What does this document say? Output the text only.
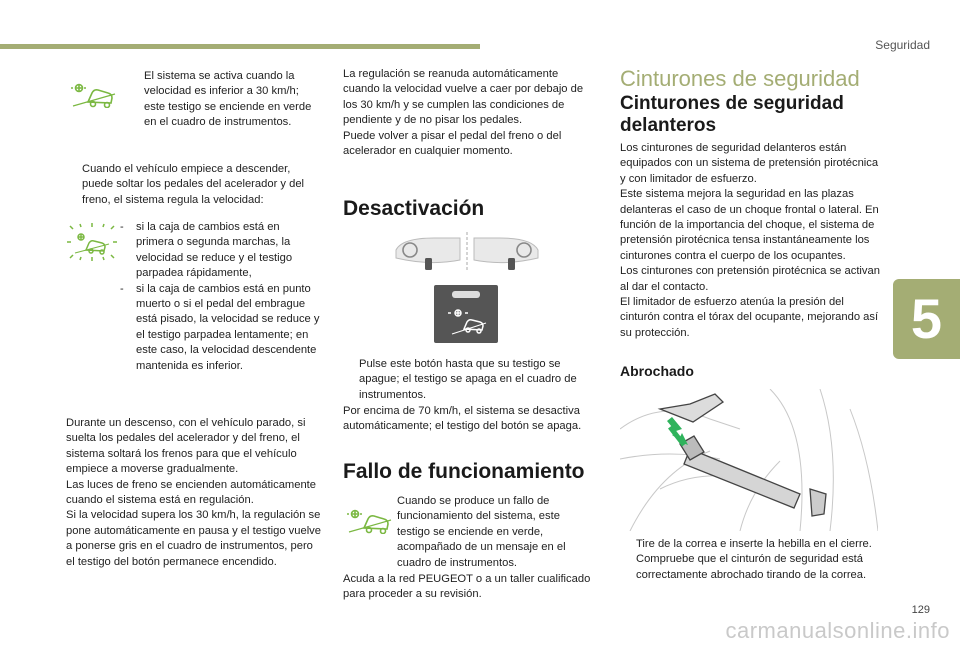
Seguridad
5

El sistema se activa cuando la velocidad es inferior a 30 km/h; este testigo se enciende en verde en el cuadro de instrumentos.

Cuando el vehículo empiece a descender, puede soltar los pedales del acelerador y del freno, el sistema regula la velocidad:

-	si la caja de cambios está en primera o segunda marchas, la velocidad se reduce y el testigo parpadea rápidamente,

-	si la caja de cambios está en punto muerto o si el pedal del embrague está pisado, la velocidad se reduce y el testigo parpadea lentamente; en este caso, la velocidad descendente mantenida es inferior.

Durante un descenso, con el vehículo parado, si suelta los pedales del acelerador y del freno, el sistema soltará los frenos para que el vehículo empiece a moverse gradualmente.
Las luces de freno se encienden automáticamente cuando el sistema está en regulación.
Si la velocidad supera los 30 km/h, la regulación se pone automáticamente en pausa y el testigo vuelve a ponerse gris en el cuadro de instrumentos, pero el testigo del botón permanece encendido.

La regulación se reanuda automáticamente cuando la velocidad vuelve a caer por debajo de los 30 km/h y se cumplen las condiciones de pendiente y de no pisar los pedales.
Puede volver a pisar el pedal del freno o del acelerador en cualquier momento.

Desactivación

Pulse este botón hasta que su testigo se apague; el testigo se apaga en el cuadro de instrumentos.

Por encima de 70 km/h, el sistema se desactiva automáticamente; el testigo del botón se apaga.

Fallo de funcionamiento

Cuando se produce un fallo de funcionamiento del sistema, este testigo se enciende en verde, acompañado de un mensaje en el cuadro de instrumentos.

Acuda a la red PEUGEOT o a un taller cualificado para proceder a su revisión.

Cinturones de seguridad
Cinturones de seguridad delanteros

Los cinturones de seguridad delanteros están equipados con un sistema de pretensión pirotécnica y con limitador de esfuerzo.
Este sistema mejora la seguridad en las plazas delanteras el caso de un choque frontal o lateral. En función de la importancia del choque, el sistema de pretensión pirotécnica tensa instantáneamente los cinturones contra el cuerpo de los ocupantes.
Los cinturones con pretensión pirotécnica se activan al dar el contacto.
El limitador de esfuerzo atenúa la presión del cinturón contra el tórax del ocupante, mejorando así su protección.

Abrochado

Tire de la correa e inserte la hebilla en el cierre.

Compruebe que el cinturón de seguridad está correctamente abrochado tirando de la correa.

129
carmanualsonline.info
